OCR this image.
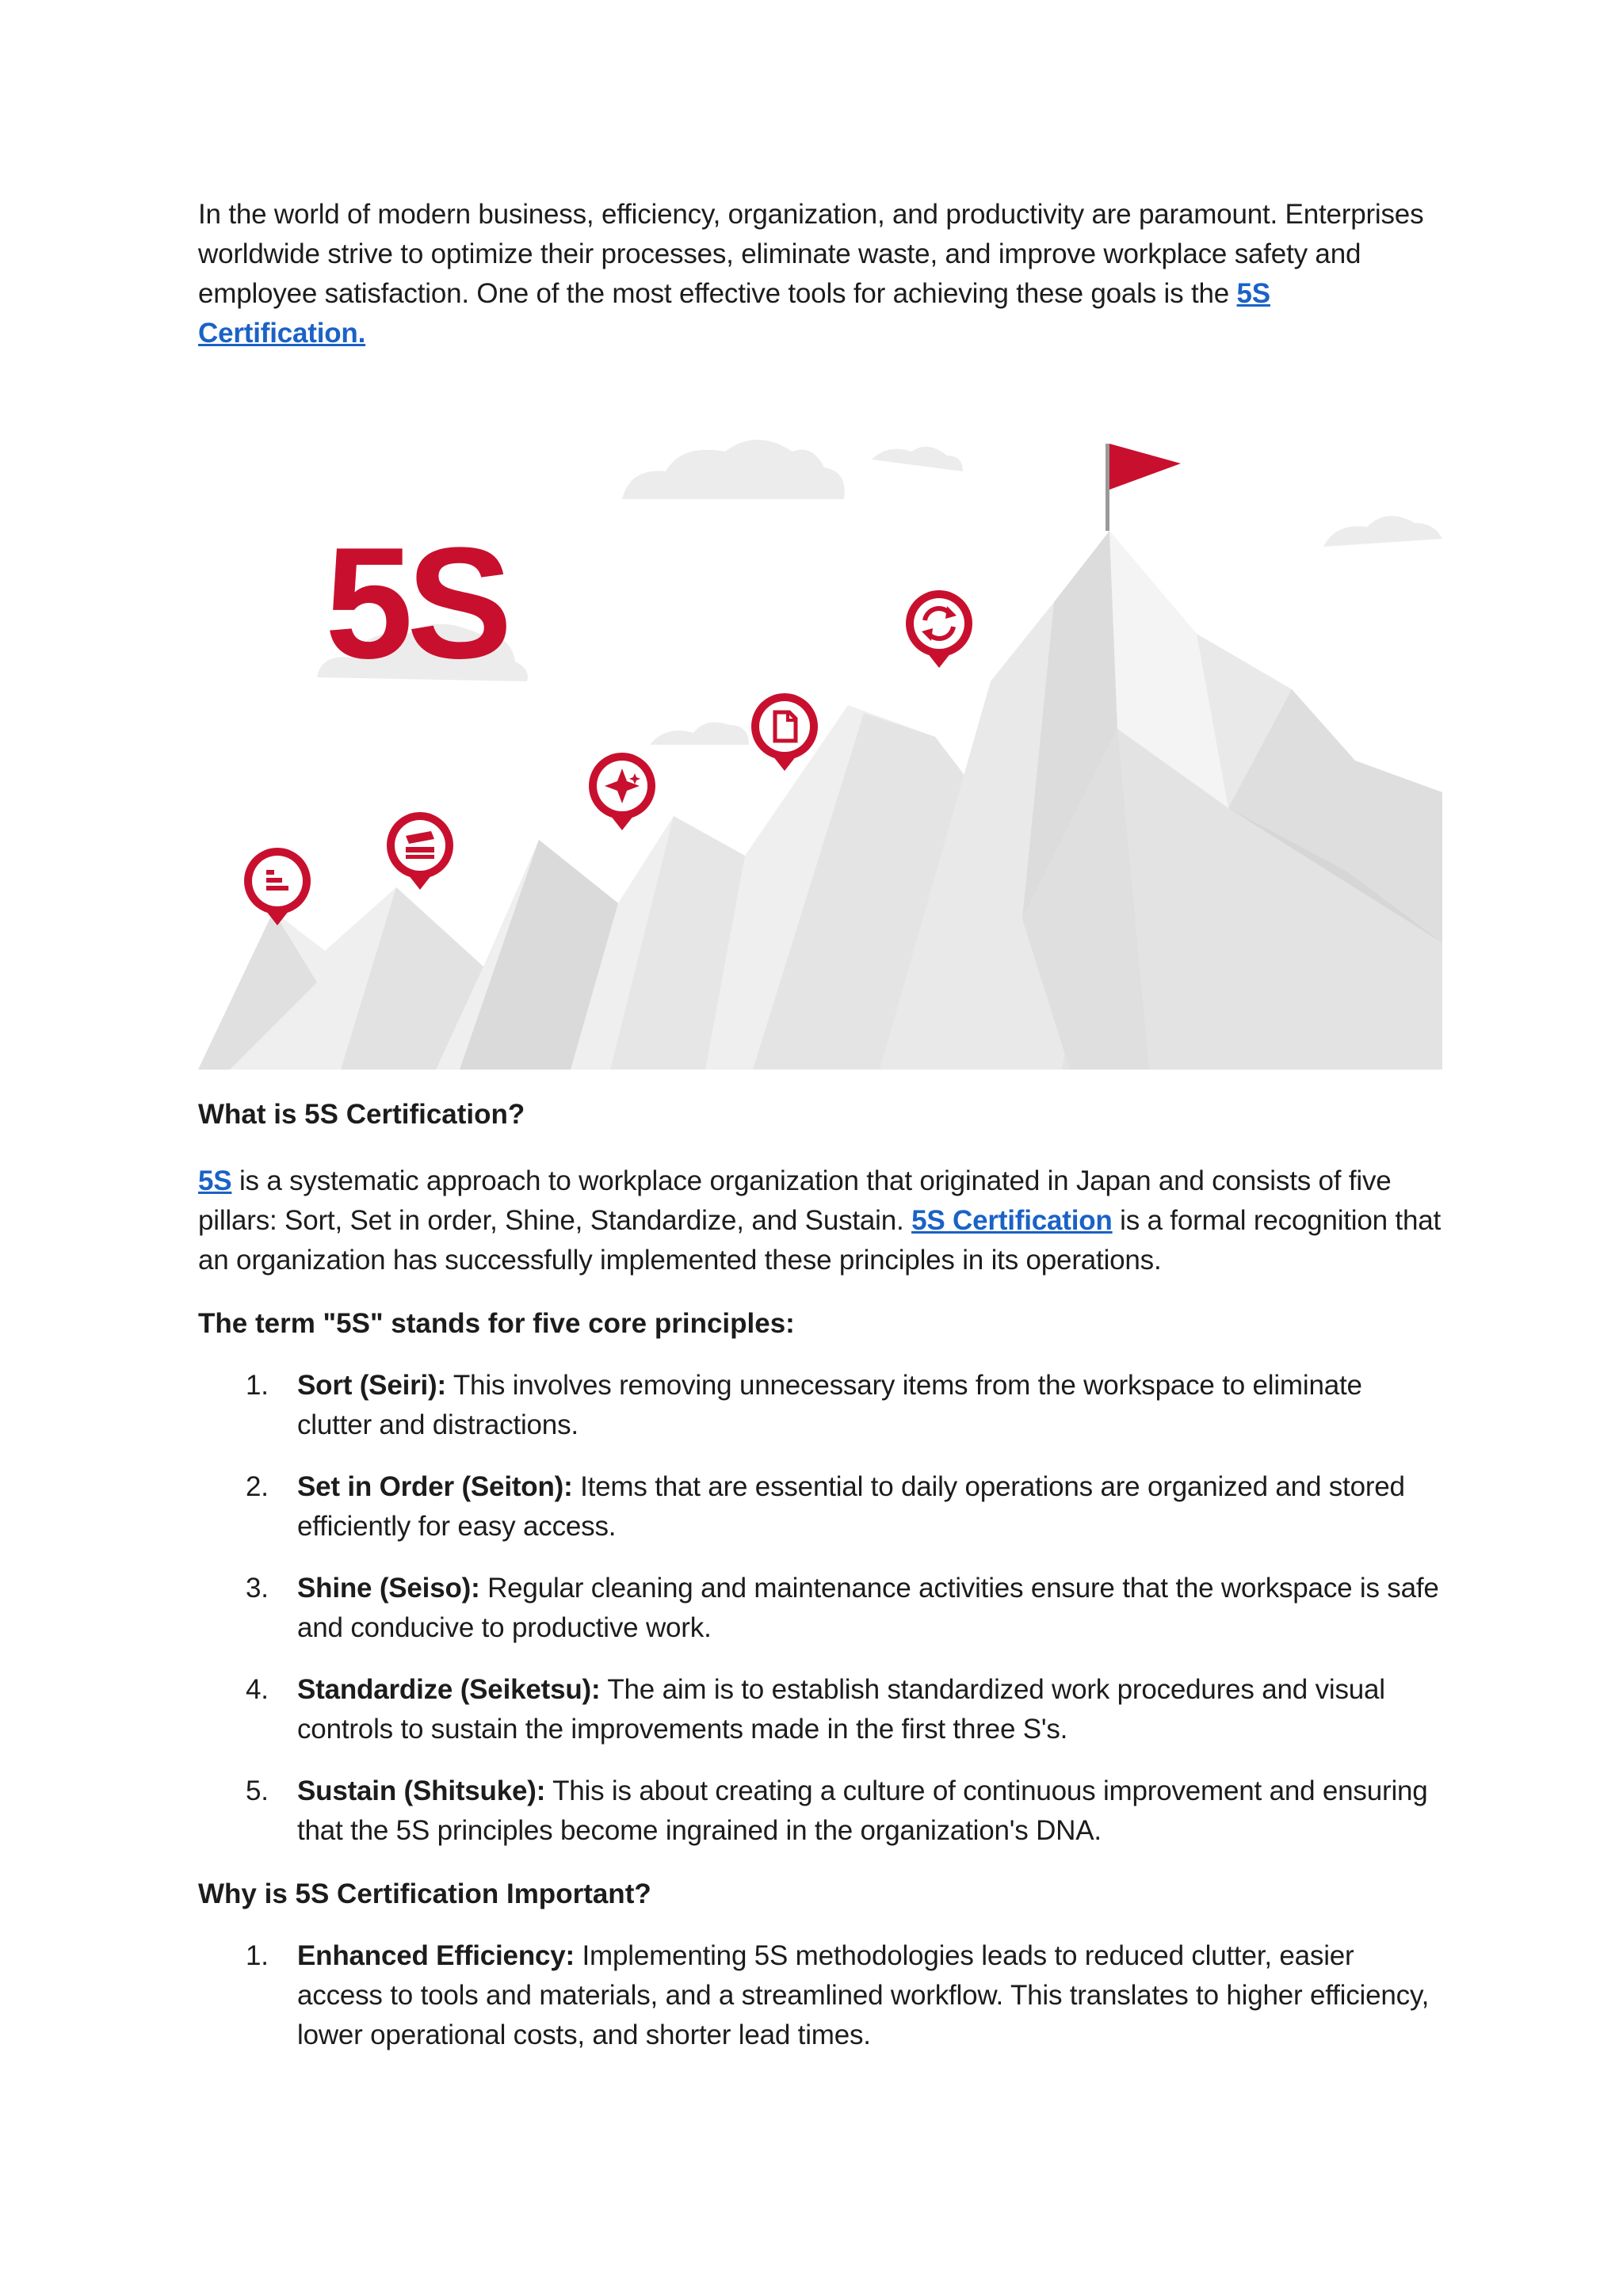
In the world of modern business, efficiency, organization, and productivity are paramount. Enterprises worldwide strive to optimize their processes, eliminate waste, and improve workplace safety and employee satisfaction. One of the most effective tools for achieving these goals is the 5S Certification.

5S

What is 5S Certification?

5S is a systematic approach to workplace organization that originated in Japan and consists of five pillars: Sort, Set in order, Shine, Standardize, and Sustain. 5S Certification is a formal recognition that an organization has successfully implemented these principles in its operations.

The term "5S" stands for five core principles:

1. Sort (Seiri): This involves removing unnecessary items from the workspace to eliminate clutter and distractions.
2. Set in Order (Seiton): Items that are essential to daily operations are organized and stored efficiently for easy access.
3. Shine (Seiso): Regular cleaning and maintenance activities ensure that the workspace is safe and conducive to productive work.
4. Standardize (Seiketsu): The aim is to establish standardized work procedures and visual controls to sustain the improvements made in the first three S's.
5. Sustain (Shitsuke): This is about creating a culture of continuous improvement and ensuring that the 5S principles become ingrained in the organization's DNA.

Why is 5S Certification Important?

1. Enhanced Efficiency: Implementing 5S methodologies leads to reduced clutter, easier access to tools and materials, and a streamlined workflow. This translates to higher efficiency, lower operational costs, and shorter lead times.
